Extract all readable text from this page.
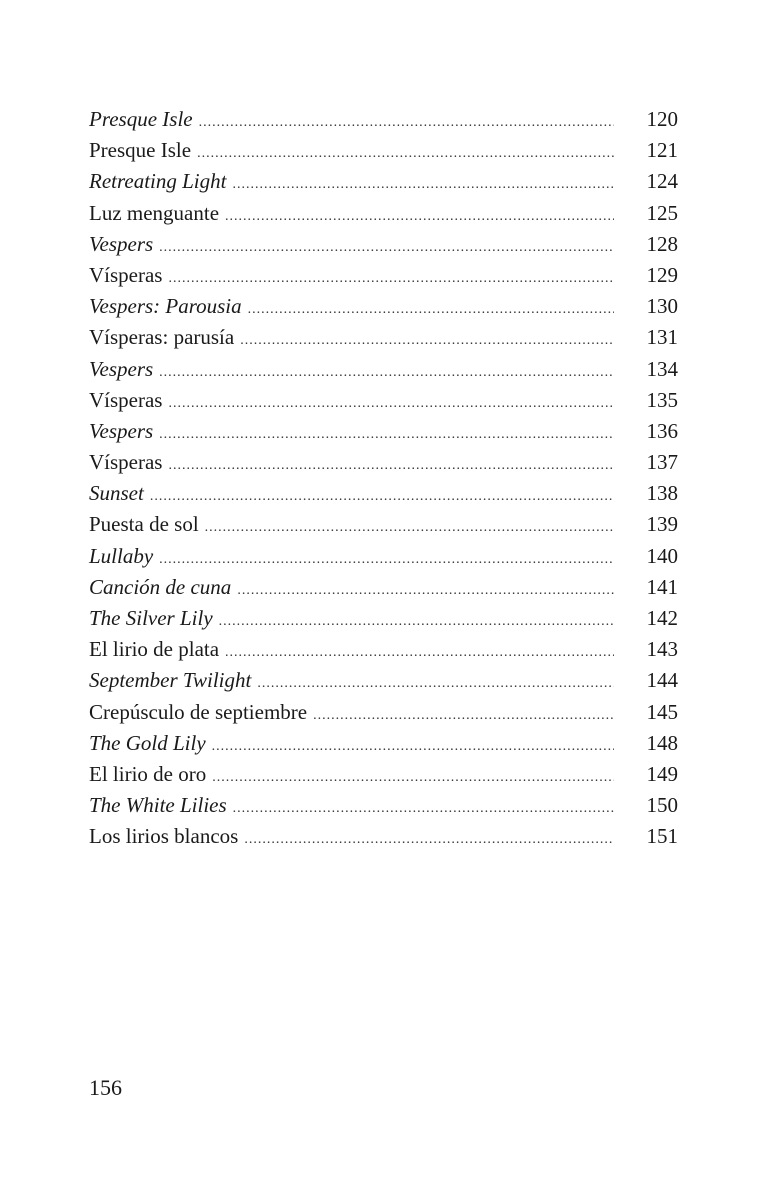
Presque Isle .....	120
Presque Isle .....	121
Retreating Light .....	124
Luz menguante .....	125
Vespers .....	128
Vísperas .....	129
Vespers: Parousia .....	130
Vísperas: parusía .....	131
Vespers .....	134
Vísperas .....	135
Vespers .....	136
Vísperas .....	137
Sunset .....	138
Puesta de sol .....	139
Lullaby .....	140
Canción de cuna .....	141
The Silver Lily .....	142
El lirio de plata .....	143
September Twilight .....	144
Crepúsculo de septiembre .....	145
The Gold Lily .....	148
El lirio de oro .....	149
The White Lilies .....	150
Los lirios blancos .....	151
156
